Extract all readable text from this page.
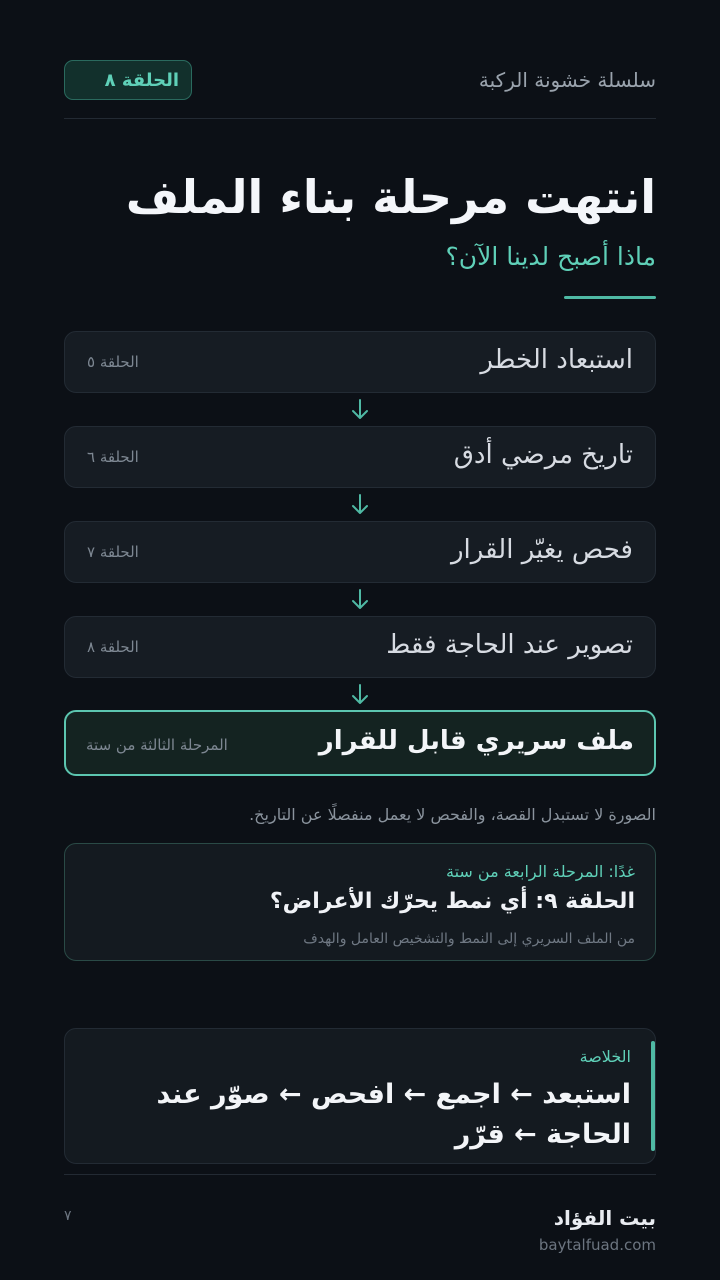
سلسلة خشونة الركبة
الحلقة ٨
انتهت مرحلة بناء الملف
ماذا أصبح لدينا الآن؟
استبعاد الخطر
الحلقة ٥
تاريخ مرضي أدق
الحلقة ٦
فحص يغيّر القرار
الحلقة ٧
تصوير عند الحاجة فقط
الحلقة ٨
ملف سريري قابل للقرار
المرحلة الثالثة من ستة
الصورة لا تستبدل القصة، والفحص لا يعمل منفصلًا عن التاريخ.
غدًا: المرحلة الرابعة من ستة
الحلقة ٩: أي نمط يحرّك الأعراض؟
من الملف السريري إلى النمط والتشخيص العامل والهدف
الخلاصة
استبعد ← اجمع ← افحص ← صوّر عند الحاجة ← قرّر
بيت الفؤاد
baytalfuad.com
٧
